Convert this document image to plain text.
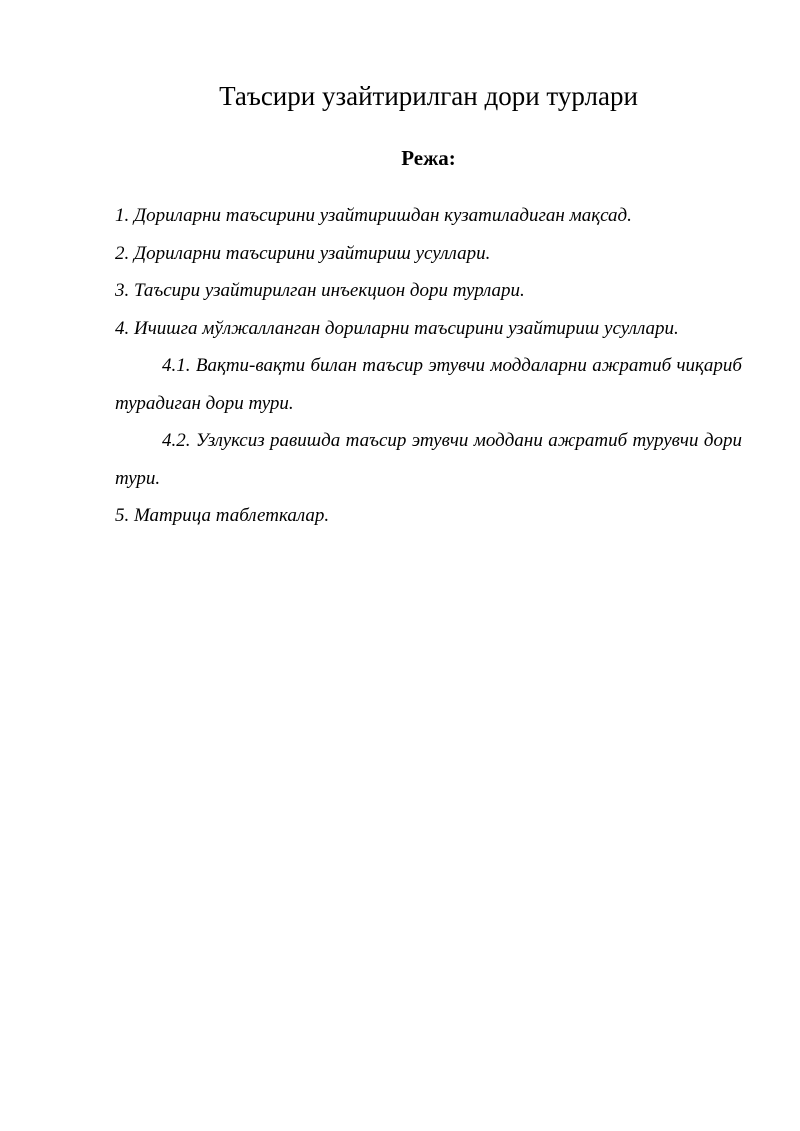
Таъсири узайтирилган дори турлари
Режа:
1. Дориларни таъсирини узайтиришдан кузатиладиган мақсад.
2. Дориларни таъсирини узайтириш усуллари.
3. Таъсири узайтирилган инъекцион дори турлари.
4. Ичишга мўлжалланган дориларни таъсирини узайтириш усуллари.
4.1. Вақти-вақти билан таъсир этувчи моддаларни ажратиб чиқариб турадиган дори тури.
4.2. Узлуксиз равишда таъсир этувчи моддани ажратиб турувчи дори тури.
5. Матрица таблеткалар.
